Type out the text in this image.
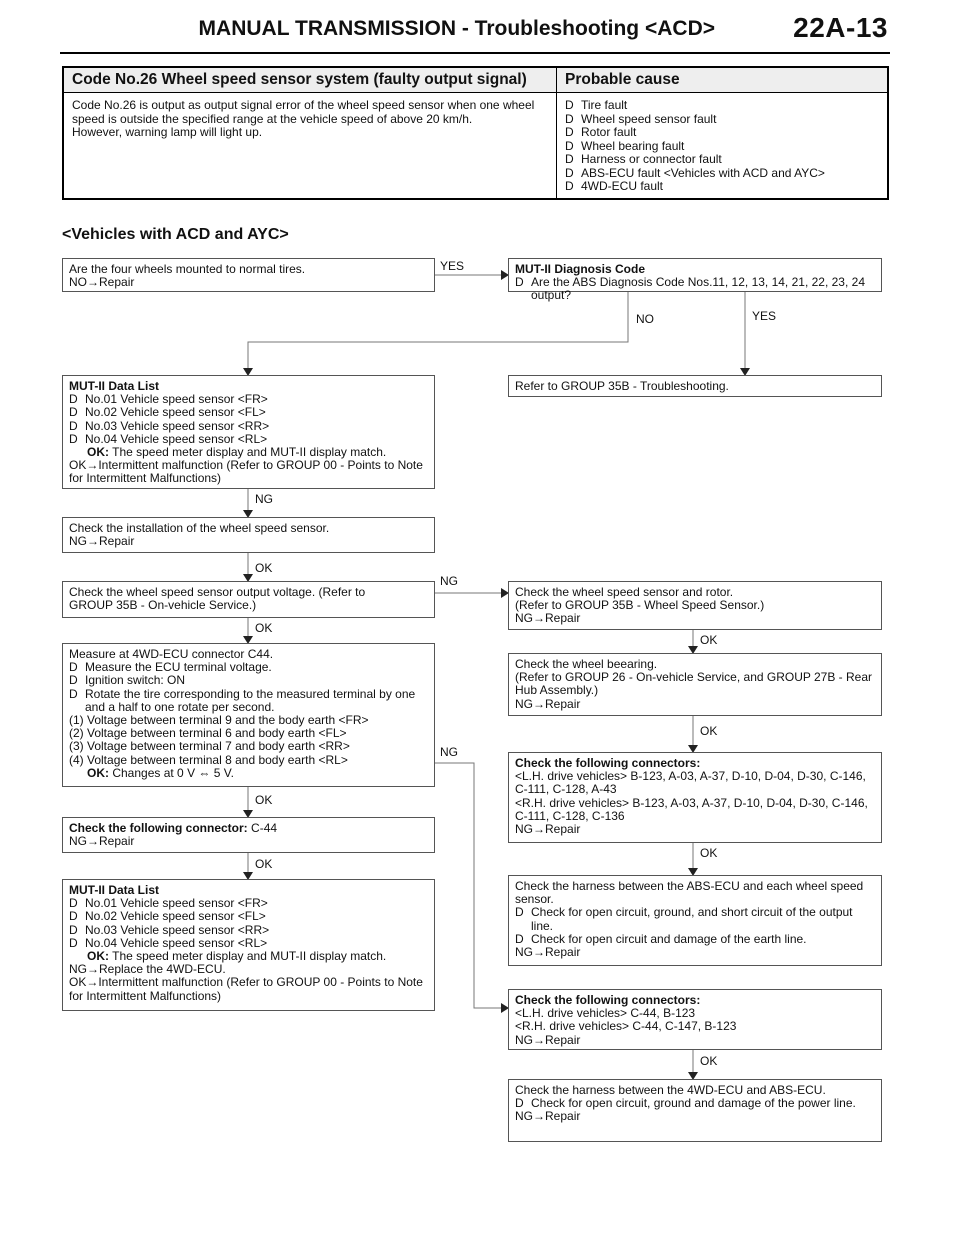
MANUAL TRANSMISSION - Troubleshooting <ACD>	22A-13
Code No.26 Wheel speed sensor system (faulty output signal)	Probable cause
Code No.26 is output as output signal error of the wheel speed sensor when one wheel speed is outside the specified range at the vehicle speed of above 20 km/h.
However, warning lamp will light up.
D Tire fault
D Wheel speed sensor fault
D Rotor fault
D Wheel bearing fault
D Harness or connector fault
D ABS-ECU fault <Vehicles with ACD and AYC>
D 4WD-ECU fault
<Vehicles with ACD and AYC>
YES
NO	YES
NG
OK
NG
OK
OK
OK
NG
OK
OK
OK
OK
Are the four wheels mounted to normal tires.
NO→Repair
MUT-II Diagnosis Code
D Are the ABS Diagnosis Code Nos.11, 12, 13, 14, 21, 22, 23, 24 output?
Refer to GROUP 35B - Troubleshooting.
MUT-II Data List
D No.01 Vehicle speed sensor <FR>
D No.02 Vehicle speed sensor <FL>
D No.03 Vehicle speed sensor <RR>
D No.04 Vehicle speed sensor <RL>
OK: The speed meter display and MUT-II display match.
OK→Intermittent malfunction (Refer to GROUP 00 - Points to Note for Intermittent Malfunctions)
Check the installation of the wheel speed sensor.
NG→Repair
Check the wheel speed sensor output voltage. (Refer to GROUP 35B - On-vehicle Service.)
Check the wheel speed sensor and rotor.
(Refer to GROUP 35B - Wheel Speed Sensor.)
NG→Repair
Measure at 4WD-ECU connector C44.
D Measure the ECU terminal voltage.
D Ignition switch: ON
D Rotate the tire corresponding to the measured terminal by one and a half to one rotate per second.
(1) Voltage between terminal 9 and the body earth <FR>
(2) Voltage between terminal 6 and body earth <FL>
(3) Voltage between terminal 7 and body earth <RR>
(4) Voltage between terminal 8 and body earth <RL>
OK: Changes at 0 V ⇔ 5 V.
Check the wheel beearing.
(Refer to GROUP 26 - On-vehicle Service, and GROUP 27B - Rear Hub Assembly.)
NG→Repair
Check the following connectors:
<L.H. drive vehicles> B-123, A-03, A-37, D-10, D-04, D-30, C-146, C-111, C-128, A-43
<R.H. drive vehicles> B-123, A-03, A-37, D-10, D-04, D-30, C-146, C-111, C-128, C-136
NG→Repair
Check the following connector: C-44
NG→Repair
Check the harness between the ABS-ECU and each wheel speed sensor.
D Check for open circuit, ground, and short circuit of the output line.
D Check for open circuit and damage of the earth line.
NG→Repair
MUT-II Data List
D No.01 Vehicle speed sensor <FR>
D No.02 Vehicle speed sensor <FL>
D No.03 Vehicle speed sensor <RR>
D No.04 Vehicle speed sensor <RL>
OK: The speed meter display and MUT-II display match.
NG→Replace the 4WD-ECU.
OK→Intermittent malfunction (Refer to GROUP 00 - Points to Note for Intermittent Malfunctions)	Check the following connectors:
<L.H. drive vehicles> C-44, B-123
<R.H. drive vehicles> C-44, C-147, B-123
NG→Repair
Check the harness between the 4WD-ECU and ABS-ECU.
D Check for open circuit, ground and damage of the power line.
NG→Repair
